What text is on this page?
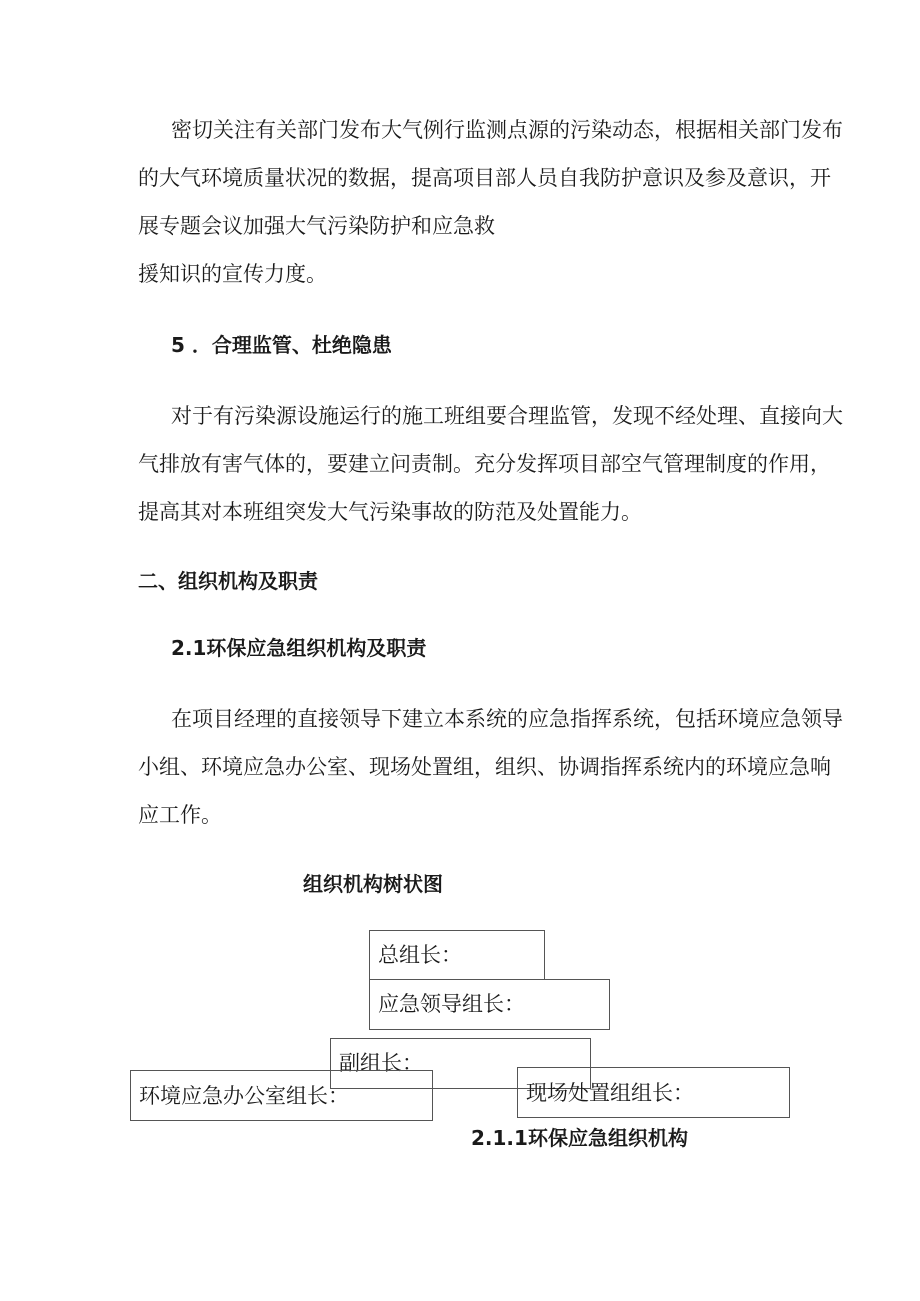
密切关注有关部门发布大气例行监测点源的污染动态，根据相关部门发布
的大气环境质量状况的数据，提高项目部人员自我防护意识及参及意识，开
展专题会议加强大气污染防护和应急救
援知识的宣传力度。
5 ．合理监管、杜绝隐患
对于有污染源设施运行的施工班组要合理监管，发现不经处理、直接向大
气排放有害气体的，要建立问责制。充分发挥项目部空气管理制度的作用，
提高其对本班组突发大气污染事故的防范及处置能力。
二、组织机构及职责
2.1环保应急组织机构及职责
在项目经理的直接领导下建立本系统的应急指挥系统，包括环境应急领导
小组、环境应急办公室、现场处置组，组织、协调指挥系统内的环境应急响
应工作。
组织机构树状图
总组长：
应急领导组长：
副组长：
环境应急办公室组长：	现场处置组组长：
2.1.1环保应急组织机构
